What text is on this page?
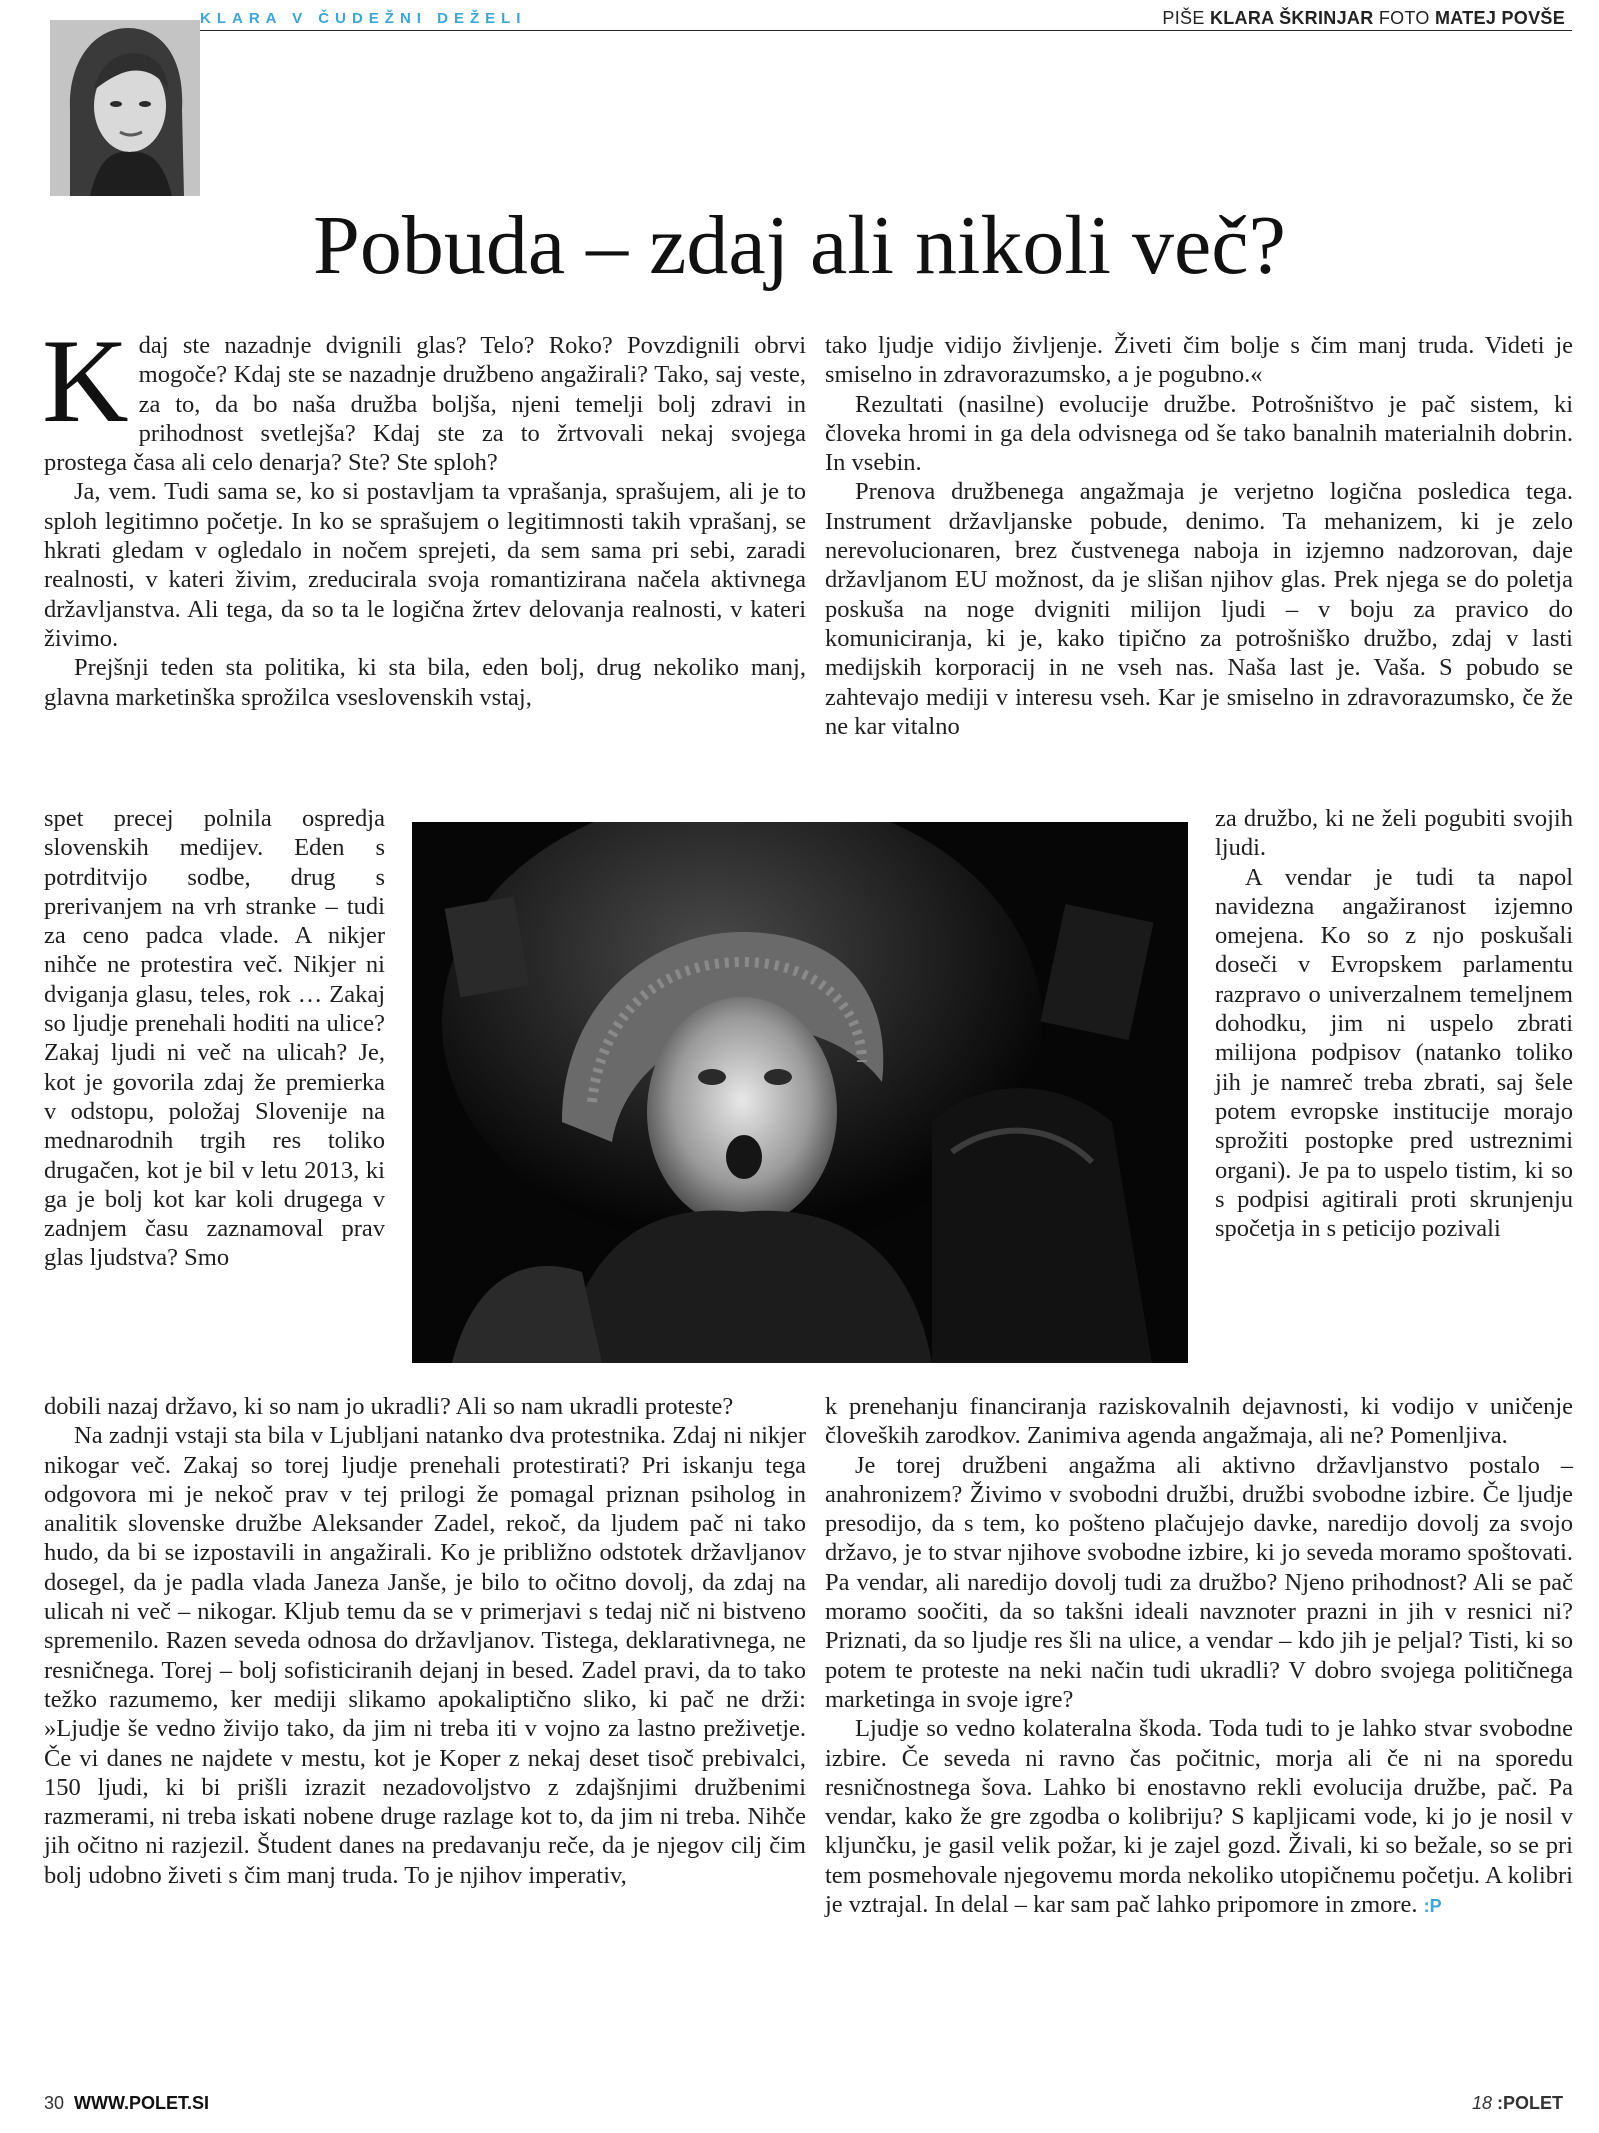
KLARA V ČUDEŽNI DEŽELI	PIŠE KLARA ŠKRINJAR FOTO MATEJ POVŠE
Pobuda – zdaj ali nikoli več?
K daj ste nazadnje dvignili glas? Telo? Roko? Povzdignili obrvi mogoče? Kdaj ste se nazadnje družbeno angažirali? Tako, saj veste, za to, da bo naša družba boljša, njeni temelji bolj zdravi in prihodnost svetlejša? Kdaj ste za to žrtvovali nekaj svojega prostega časa ali celo denarja? Ste? Ste sploh?

Ja, vem. Tudi sama se, ko si postavljam ta vprašanja, sprašujem, ali je to sploh legitimno početje. In ko se sprašujem o legitimnosti takih vprašanj, se hkrati gledam v ogledalo in nočem sprejeti, da sem sama pri sebi, zaradi realnosti, v kateri živim, zreducirala svoja romantizirana načela aktivnega državljanstva. Ali tega, da so ta le logična žrtev delovanja realnosti, v kateri živimo.

Prejšnji teden sta politika, ki sta bila, eden bolj, drug nekoliko manj, glavna marketinška sprožilca vseslovenskih vstaj,

spet precej polnila ospredja slovenskih medijev. Eden s potrditvijo sodbe, drug s prerivanjem na vrh stranke – tudi za ceno padca vlade. A nikjer nihče ne protestira več. Nikjer ni dviganja glasu, teles, rok … Zakaj so ljudje prenehali hoditi na ulice? Zakaj ljudi ni več na ulicah? Je, kot je govorila zdaj že premierka v odstopu, položaj Slovenije na mednarodnih trgih res toliko drugačen, kot je bil v letu 2013, ki ga je bolj kot kar koli drugega v zadnjem času zaznamoval prav glas ljudstva? Smo

dobili nazaj državo, ki so nam jo ukradli? Ali so nam ukradli proteste?

Na zadnji vstaji sta bila v Ljubljani natanko dva protestnika. Zdaj ni nikjer nikogar več. Zakaj so torej ljudje prenehali protestirati? Pri iskanju tega odgovora mi je nekoč prav v tej prilogi že pomagal priznan psiholog in analitik slovenske družbe Aleksander Zadel, rekoč, da ljudem pač ni tako hudo, da bi se izpostavili in angažirali. Ko je približno odstotek državljanov dosegel, da je padla vlada Janeza Janše, je bilo to očitno dovolj, da zdaj na ulicah ni več – nikogar. Kljub temu da se v primerjavi s tedaj nič ni bistveno spremenilo. Razen seveda odnosa do državljanov. Tistega, deklarativnega, ne resničnega. Torej – bolj sofisticiranih dejanj in besed. Zadel pravi, da to tako težko razumemo, ker mediji slikamo apokaliptično sliko, ki pač ne drži: »Ljudje še vedno živijo tako, da jim ni treba iti v vojno za lastno preživetje. Če vi danes ne najdete v mestu, kot je Koper z nekaj deset tisoč prebivalci, 150 ljudi, ki bi prišli izrazit nezadovoljstvo z zdajšnjimi družbenimi razmerami, ni treba iskati nobene druge razlage kot to, da jim ni treba. Nihče jih očitno ni razjezil. Študent danes na predavanju reče, da je njegov cilj čim bolj udobno živeti s čim manj truda. To je njihov imperativ,

tako ljudje vidijo življenje. Živeti čim bolje s čim manj truda. Videti je smiselno in zdravorazumsko, a je pogubno.«

Rezultati (nasilne) evolucije družbe. Potrošništvo je pač sistem, ki človeka hromi in ga dela odvisnega od še tako banalnih materialnih dobrin. In vsebin.

Prenova družbenega angažmaja je verjetno logična posledica tega. Instrument državljanske pobude, denimo. Ta mehanizem, ki je zelo nerevolucionaren, brez čustvenega naboja in izjemno nadzorovan, daje državljanom EU možnost, da je slišan njihov glas. Prek njega se do poletja poskuša na noge dvigniti milijon ljudi – v boju za pravico do komuniciranja, ki je, kako tipično za potrošniško družbo, zdaj v lasti medijskih korporacij in ne vseh nas. Naša last je. Vaša. S pobudo se zahtevajo mediji v interesu vseh. Kar je smiselno in zdravorazumsko, če že ne kar vitalno

za družbo, ki ne želi pogubiti svojih ljudi.

A vendar je tudi ta napol navidezna angažiranost izjemno omejena. Ko so z njo poskušali doseči v Evropskem parlamentu razpravo o univerzalnem temeljnem dohodku, jim ni uspelo zbrati milijona podpisov (natanko toliko jih je namreč treba zbrati, saj šele potem evropske institucije morajo sprožiti postopke pred ustreznimi organi). Je pa to uspelo tistim, ki so s podpisi agitirali proti skrunjenju spočetja in s peticijo pozivali

k prenehanju financiranja raziskovalnih dejavnosti, ki vodijo v uničenje človeških zarodkov. Zanimiva agenda angažmaja, ali ne? Pomenljiva.

Je torej družbeni angažma ali aktivno državljanstvo postalo – anahronizem? Živimo v svobodni družbi, družbi svobodne izbire. Če ljudje presodijo, da s tem, ko pošteno plačujejo davke, naredijo dovolj za svojo državo, je to stvar njihove svobodne izbire, ki jo seveda moramo spoštovati. Pa vendar, ali naredijo dovolj tudi za družbo? Njeno prihodnost? Ali se pač moramo soočiti, da so takšni ideali navznoter prazni in jih v resnici ni? Priznati, da so ljudje res šli na ulice, a vendar – kdo jih je peljal? Tisti, ki so potem te proteste na neki način tudi ukradli? V dobro svojega političnega marketinga in svoje igre?

Ljudje so vedno kolateralna škoda. Toda tudi to je lahko stvar svobodne izbire. Če seveda ni ravno čas počitnic, morja ali če ni na sporedu resničnostnega šova. Lahko bi enostavno rekli evolucija družbe, pač. Pa vendar, kako že gre zgodba o kolibriju? S kapljicami vode, ki jo je nosil v kljunčku, je gasil velik požar, ki je zajel gozd. Živali, ki so bežale, so se pri tem posmehovale njegovemu morda nekoliko utopičnemu početju. A kolibri je vztrajal. In delal – kar sam pač lahko pripomore in zmore. :P

30 WWW.POLET.SI	18 :POLET
